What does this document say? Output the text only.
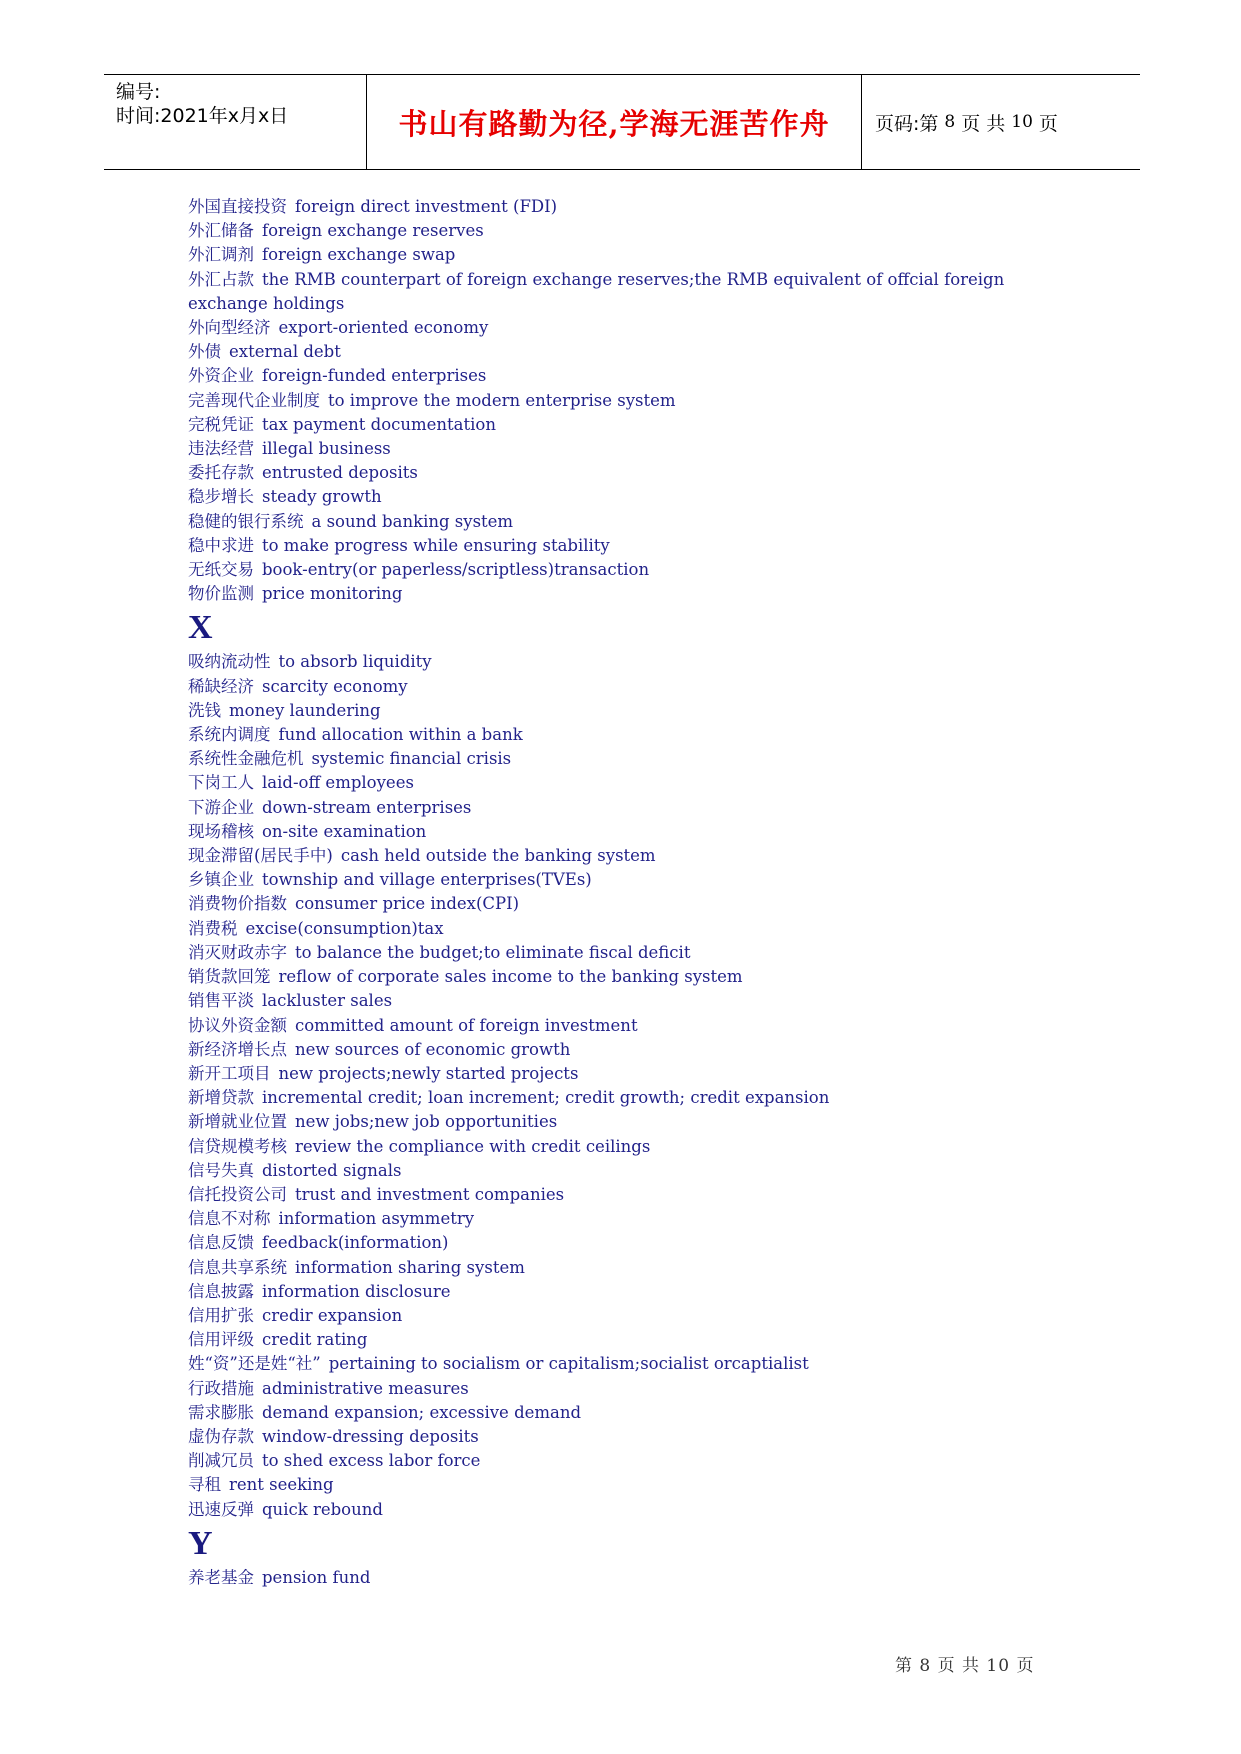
编号:
时间:2021年x月x日	书山有路勤为径,学海无涯苦作舟 页码:第 8 页 共 10 页
外国直接投资 foreign direct investment (FDI)
外汇储备 foreign exchange reserves
外汇调剂 foreign exchange swap
外汇占款 the RMB counterpart of foreign exchange reserves;the RMB equivalent of offcial foreign exchange holdings
外向型经济 export-oriented economy
外债 external debt
外资企业 foreign-funded enterprises
完善现代企业制度 to improve the modern enterprise system
完税凭证 tax payment documentation
违法经营 illegal business
委托存款 entrusted deposits
稳步增长 steady growth
稳健的银行系统 a sound banking system
稳中求进 to make progress while ensuring stability
无纸交易 book-entry(or paperless/scriptless)transaction
物价监测 price monitoring
X
吸纳流动性 to absorb liquidity
稀缺经济 scarcity economy
洗钱 money laundering
系统内调度 fund allocation within a bank
系统性金融危机 systemic financial crisis
下岗工人 laid-off employees
下游企业 down-stream enterprises
现场稽核 on-site examination
现金滞留(居民手中) cash held outside the banking system
乡镇企业 township and village enterprises(TVEs)
消费物价指数 consumer price index(CPI)
消费税 excise(consumption)tax
消灭财政赤字 to balance the budget;to eliminate fiscal deficit
销货款回笼 reflow of corporate sales income to the banking system
销售平淡 lackluster sales
协议外资金额 committed amount of foreign investment
新经济增长点 new sources of economic growth
新开工项目 new projects;newly started projects
新增贷款 incremental credit; loan increment; credit growth; credit expansion
新增就业位置 new jobs;new job opportunities
信贷规模考核 review the compliance with credit ceilings
信号失真 distorted signals
信托投资公司 trust and investment companies
信息不对称 information asymmetry
信息反馈 feedback(information)
信息共享系统 information sharing system
信息披露 information disclosure
信用扩张 credir expansion
信用评级 credit rating
姓“资”还是姓“社” pertaining to socialism or capitalism;socialist orcaptialist
行政措施 administrative measures
需求膨胀 demand expansion; excessive demand
虚伪存款 window-dressing deposits
削减冗员 to shed excess labor force
寻租 rent seeking
迅速反弹 quick rebound
Y
养老基金 pension fund
第 8 页 共 10 页
